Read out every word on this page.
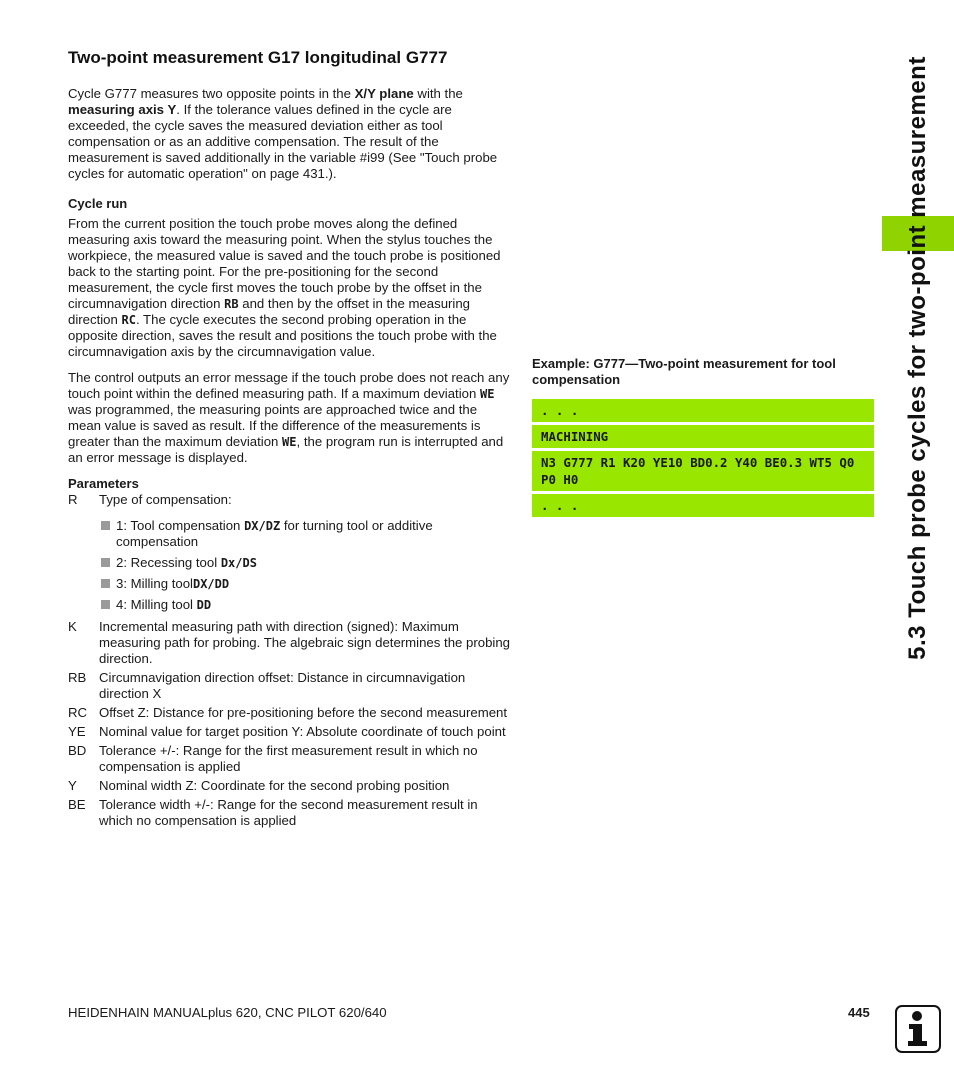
Two-point measurement G17 longitudinal G777

Cycle G777 measures two opposite points in the X/Y plane with the measuring axis Y. If the tolerance values defined in the cycle are exceeded, the cycle saves the measured deviation either as tool compensation or as an additive compensation. The result of the measurement is saved additionally in the variable #i99 (See "Touch probe cycles for automatic operation" on page 431.).

Cycle run

From the current position the touch probe moves along the defined measuring axis toward the measuring point. When the stylus touches the workpiece, the measured value is saved and the touch probe is positioned back to the starting point. For the pre-positioning for the second measurement, the cycle first moves the touch probe by the offset in the circumnavigation direction RB and then by the offset in the measuring direction RC. The cycle executes the second probing operation in the opposite direction, saves the result and positions the touch probe with the circumnavigation axis by the circumnavigation value.

The control outputs an error message if the touch probe does not reach any touch point within the defined measuring path. If a maximum deviation WE was programmed, the measuring points are approached twice and the mean value is saved as result. If the difference of the measurements is greater than the maximum deviation WE, the program run is interrupted and an error message is displayed.

Parameters
R	Type of compensation:
1: Tool compensation DX/DZ for turning tool or additive compensation
2: Recessing tool Dx/DS
3: Milling toolDX/DD
4: Milling tool DD
K	Incremental measuring path with direction (signed): Maximum measuring path for probing. The algebraic sign determines the probing direction.
RB Circumnavigation direction offset: Distance in circumnavigation direction X
RC Offset Z: Distance for pre-positioning before the second measurement
YE	Nominal value for target position Y: Absolute coordinate of touch point
BD Tolerance +/-: Range for the first measurement result in which no compensation is applied
Y	Nominal width Z: Coordinate for the second probing position
BE	Tolerance width +/-: Range for the second measurement result in which no compensation is applied
Example: G777—Two-point measurement for tool compensation
. . .
MACHINING
N3 G777 R1 K20 YE10 BD0.2 Y40 BE0.3 WT5 Q0 P0 H0
. . .	5.3 Touch probe cycles for two-point measurement
HEIDENHAIN MANUALplus 620, CNC PILOT 620/640	445
